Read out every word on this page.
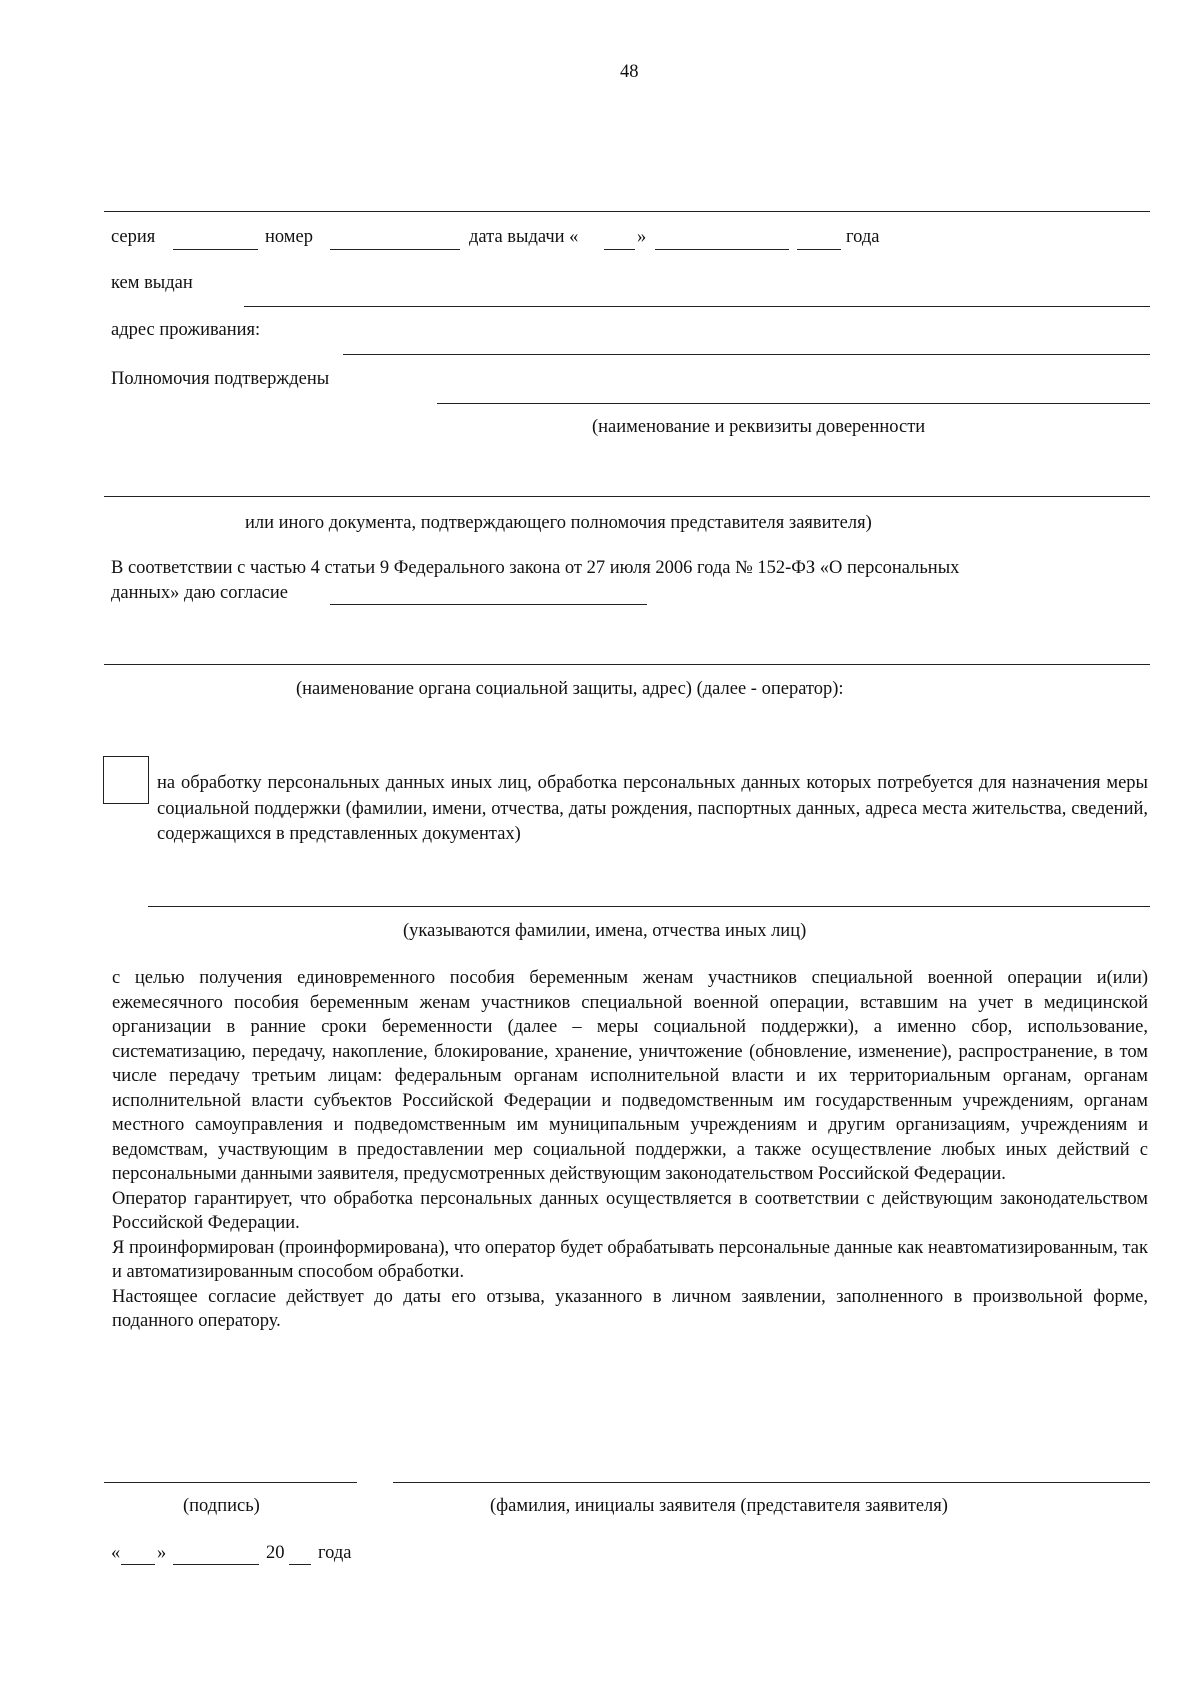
48
серия	номер	дата выдачи «	»	года
кем выдан
адрес проживания:
Полномочия подтверждены
(наименование и реквизиты доверенности
или иного документа, подтверждающего полномочия представителя заявителя)
В соответствии с частью 4 статьи 9 Федерального закона от 27 июля 2006 года № 152-ФЗ «О персональных
данных» даю согласие
(наименование органа социальной защиты, адрес) (далее - оператор):
на обработку персональных данных иных лиц, обработка персональных данных которых потребуется для назначения меры социальной поддержки (фамилии, имени, отчества, даты рождения, паспортных данных, адреса места жительства, сведений, содержащихся в представленных документах)
(указываются фамилии, имена, отчества иных лиц)

с целью получения единовременного пособия беременным женам участников специальной военной операции и(или) ежемесячного пособия беременным женам участников специальной военной операции, вставшим на учет в медицинской организации в ранние сроки беременности (далее – меры социальной поддержки), а именно сбор, использование, систематизацию, передачу, накопление, блокирование, хранение, уничтожение (обновление, изменение), распространение, в том числе передачу третьим лицам: федеральным органам исполнительной власти и их территориальным органам, органам исполнительной власти субъектов Российской Федерации и подведомственным им государственным учреждениям, органам местного самоуправления и подведомственным им муниципальным учреждениям и другим организациям, учреждениям и ведомствам, участвующим в предоставлении мер социальной поддержки, а также осуществление любых иных действий с персональными данными заявителя, предусмотренных действующим законодательством Российской Федерации.

Оператор гарантирует, что обработка персональных данных осуществляется в соответствии с действующим законодательством Российской Федерации.

Я проинформирован (проинформирована), что оператор будет обрабатывать персональные данные как неавтоматизированным, так и автоматизированным способом обработки.

Настоящее согласие действует до даты его отзыва, указанного в личном заявлении, заполненного в произвольной форме, поданного оператору.

(подпись)	(фамилия, инициалы заявителя (представителя заявителя)
« »	20 года
